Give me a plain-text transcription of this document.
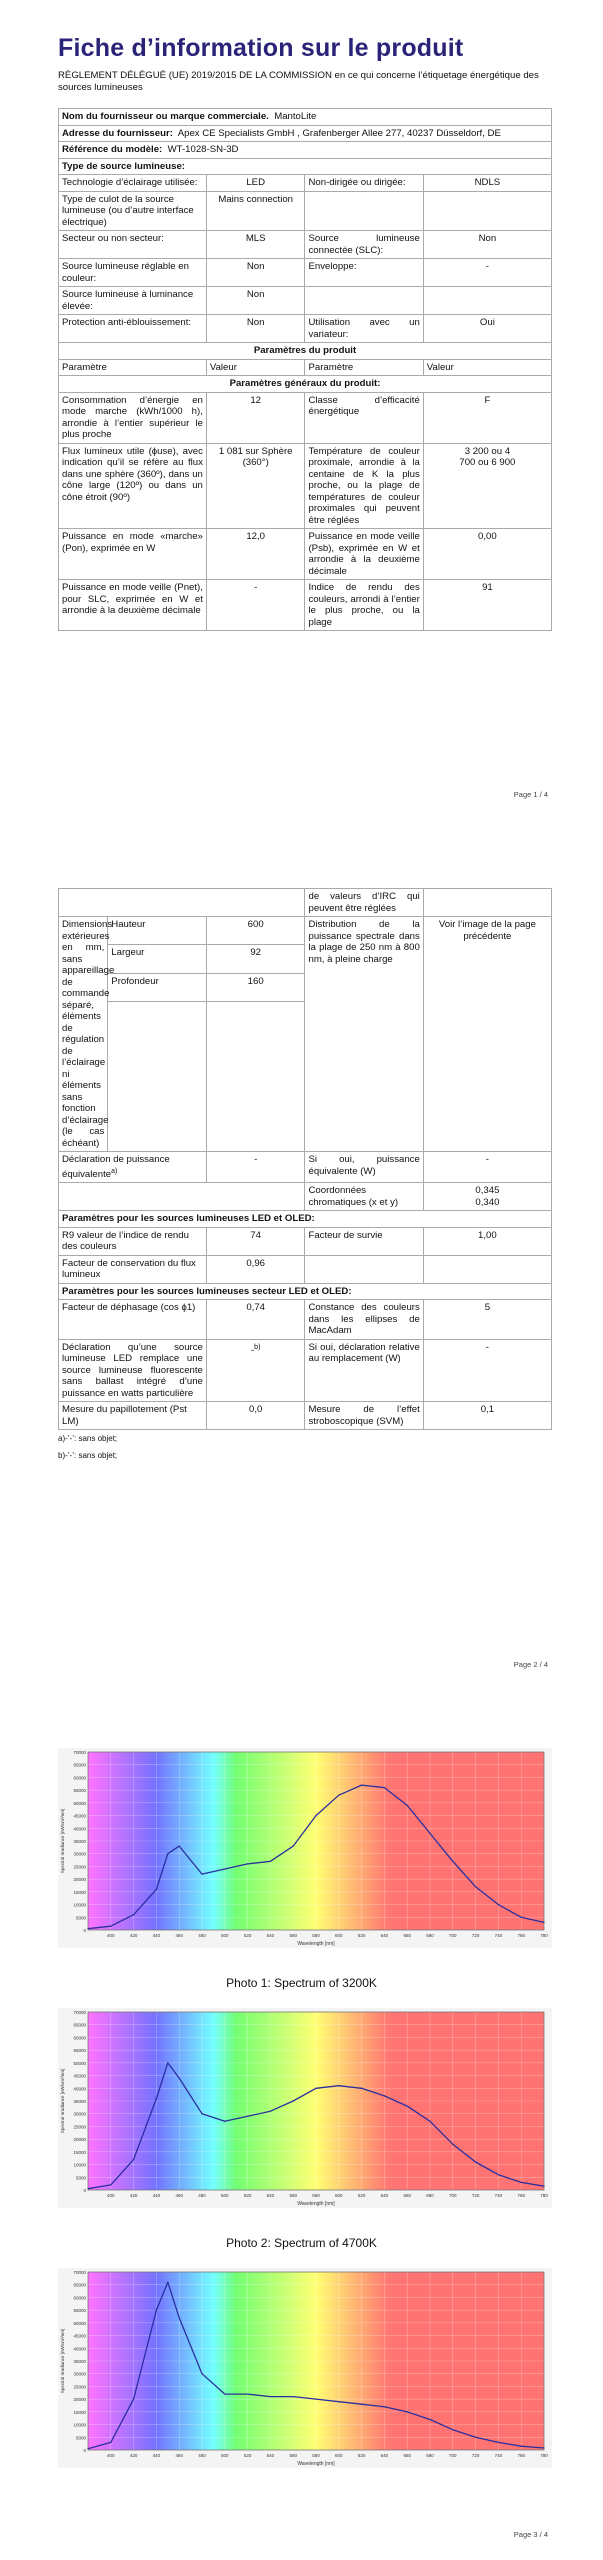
Fiche d’information sur le produit
RÈGLEMENT DÉLÉGUÉ (UE) 2019/2015 DE LA COMMISSION en ce qui concerne l’étiquetage énergétique des sources lumineuses
Nom du fournisseur ou marque commerciale. MantoLite			
Adresse du fournisseur: Apex CE Specialists GmbH , Grafenberger Allee 277, 40237 Düsseldorf, DE			
Référence du modèle: WT-1028-SN-3D			
Type de source lumineuse:			
Technologie d’éclairage utilisée:	LED	Non-dirigée ou dirigée:	NDLS
Type de culot de la source lumineuse (ou d’autre interface électrique)	Mains connection		
Secteur ou non secteur:	MLS	Source lumineuse connectée (SLC):	Non
Source lumineuse réglable en couleur:	Non	Enveloppe:	-
Source lumineuse à luminance élevée:	Non		
Protection anti-éblouissement:	Non	Utilisation avec un variateur:	Oui
Paramètres du produit			
Paramètre	Valeur	Paramètre	Valeur
Paramètres généraux du produit:			
Consommation d’énergie en mode marche (kWh/1000 h), arrondie à l’entier supérieur le plus proche	12	Classe d’efficacité énergétique	F
Flux lumineux utile (ϕuse), avec indication qu’il se réfère au flux dans une sphère (360º), dans un cône large (120º) ou dans un cône étroit (90º)	1 081 sur Sphère (360°)	Température de couleur proximale, arrondie à la centaine de K la plus proche, ou la plage de températures de couleur proximales qui peuvent être réglées	3 200 ou 4
700 ou 6 900
Puissance en mode «marche» (Pon), exprimée en W	12,0	Puissance en mode veille (Psb), exprimée en W et arrondie à la deuxième décimale	0,00
Puissance en mode veille (Pnet), pour SLC, exprimée en W et arrondie à la deuxième décimale	-	Indice de rendu des couleurs, arrondi à l’entier le plus proche, ou la plage	91
Page 1 / 4
			de valeurs d’IRC qui peuvent être réglées	
Dimensions extérieures en mm, sans appareillage de commande séparé, éléments de régulation de l’éclairage ni éléments sans fonction d’éclairage (le cas échéant)	Hauteur	600	Distribution de la puissance spectrale dans la plage de 250 nm à 800 nm, à pleine charge	Voir l’image de la page précédente
	Largeur	92		
	Profondeur	160		

Déclaration de puissance équivalente$^{a)}$		-	Si oui, puissance équivalente (W)	-
			Coordonnées chromatiques (x et y)	0,345
0,340
Paramètres pour les sources lumineuses LED et OLED:				
R9 valeur de l’indice de rendu des couleurs		74	Facteur de survie	1,00
Facteur de conservation du flux lumineux		0,96		
Paramètres pour les sources lumineuses secteur LED et OLED:				
Facteur de déphasage (cos ϕ1)		0,74	Constance des couleurs dans les ellipses de MacAdam	5
Déclaration qu’une source lumineuse LED remplace une source lumineuse fluorescente sans ballast intégré d’une puissance en watts particulière		-$^{b)}$	Si oui, déclaration relative au remplacement (W)	-
Mesure du papillotement (Pst LM)		0,0	Mesure de l’effet stroboscopique (SVM)	0,1
a)-’-’: sans objet;
b)-’-’: sans objet;
Page 2 / 4
0
5000
10000
15000
20000
25000
30000
35000
40000
45000
50000
55000
60000
65000
70000
400	420	440	460	480	500	520	540	560	580	600	620	640	660	680	700	720	740	760	780
Wavelength [nm]
Spectral Irradiance [nW/cm²/nm]
Photo 1: Spectrum of 3200K
0
5000
10000
15000
20000
25000
30000
35000
40000
45000
50000
55000
60000
65000
70000
400	420	440	460	480	500	520	540	560	580	600	620	640	660	680	700	720	740	760	780
Wavelength [nm]
Spectral Irradiance [nW/cm²/nm]
Photo 2: Spectrum of 4700K
0
5000
10000
15000
20000
25000
30000
35000
40000
45000
50000
55000
60000
65000
70000
400	420	440	460	480	500	520	540	560	580	600	620	640	660	680	700	720	740	760	780
Wavelength [nm]
Spectral Irradiance [nW/cm²/nm]
Page 3 / 4
